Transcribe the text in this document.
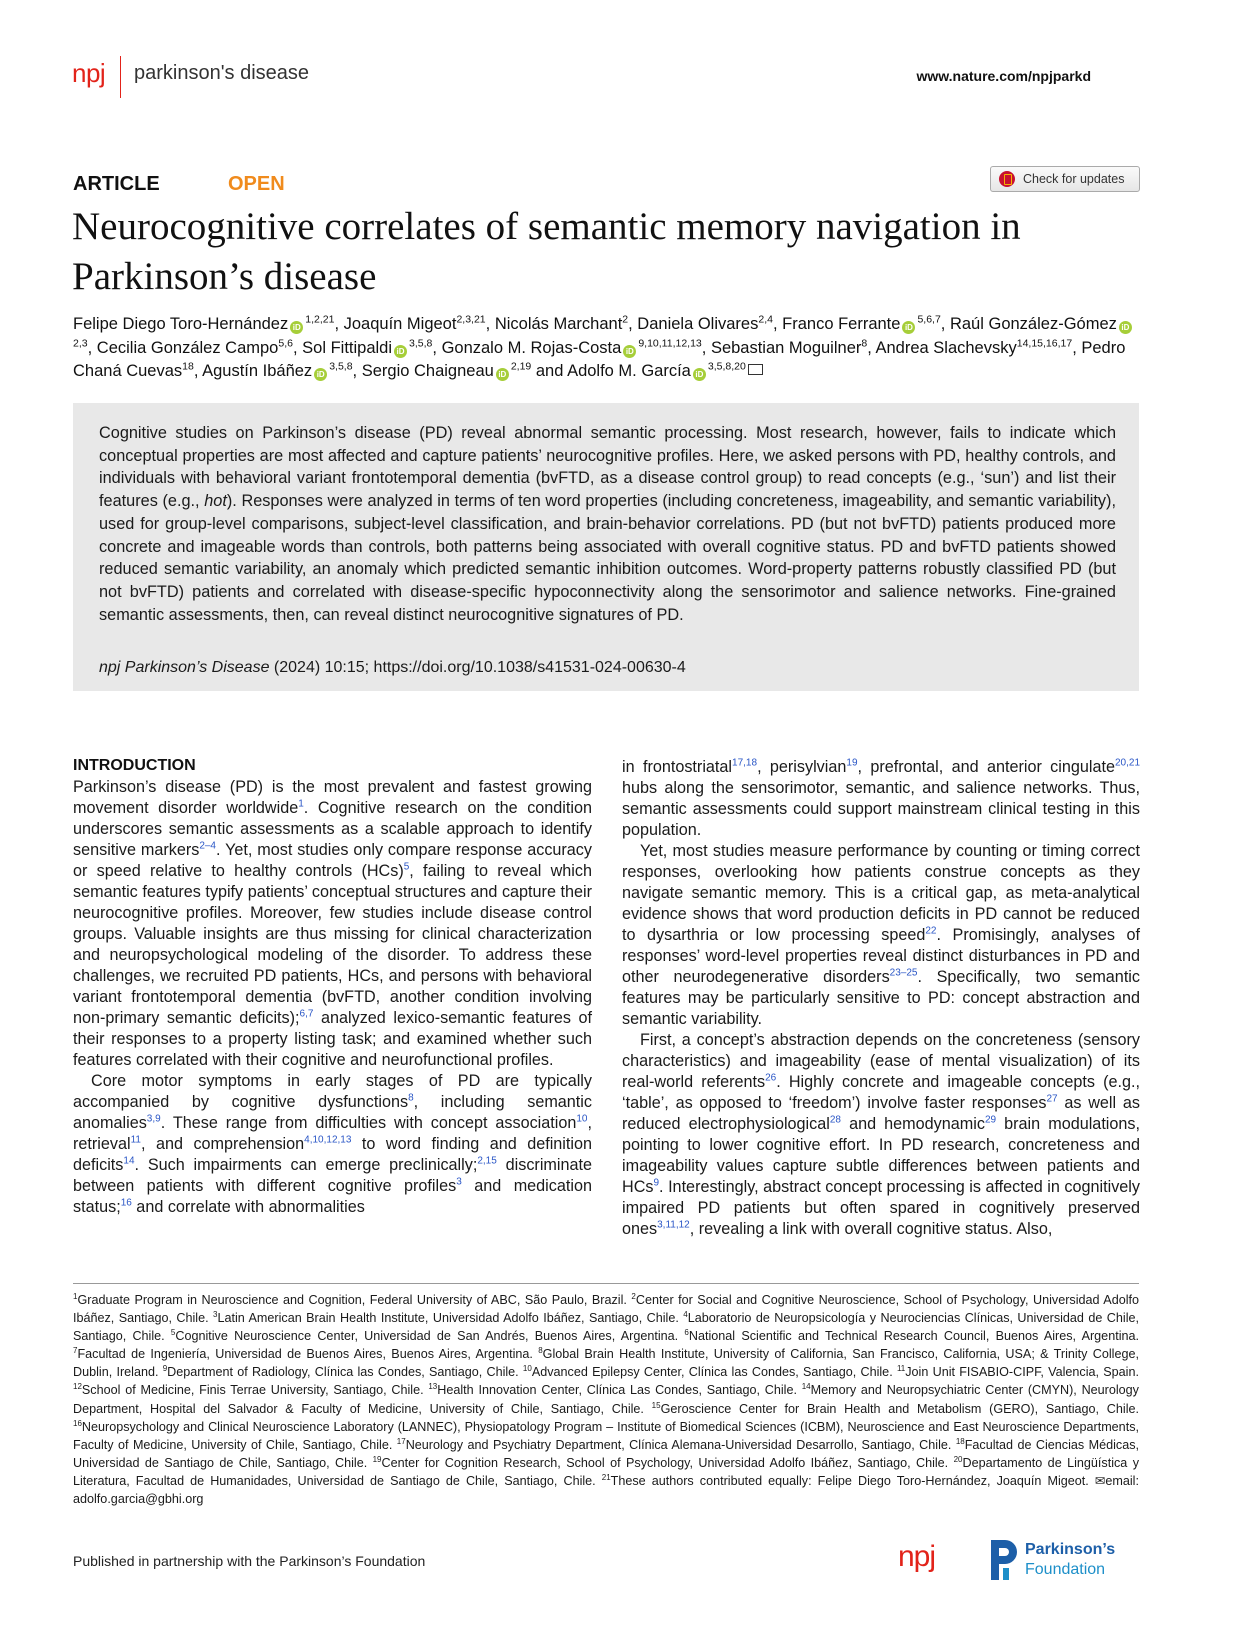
npj parkinson's disease	www.nature.com/npjparkd
ARTICLE	OPEN	Check for updates
Neurocognitive correlates of semantic memory navigation in Parkinson’s disease
Felipe Diego Toro-Hernández iD$^{1,2,21}$, Joaquín Migeot$^{2,3,21}$, Nicolás Marchant$^2$, Daniela Olivares$^{2,4}$, Franco Ferrante iD$^{5,6,7}$, Raúl González-Gómez iD$^{2,3}$, Cecilia González Campo$^{5,6}$, Sol Fittipaldi iD$^{3,5,8}$, Gonzalo M. Rojas-Costa iD$^{9,10,11,12,13}$, Sebastian Moguilner$^8$, Andrea Slachevsky$^{14,15,16,17}$, Pedro Chaná Cuevas$^{18}$, Agustín Ibáñez iD$^{3,5,8}$, Sergio Chaigneau iD$^{2,19}$ and Adolfo M. García iD$^{3,5,8,20}$

Cognitive studies on Parkinson’s disease (PD) reveal abnormal semantic processing. Most research, however, fails to indicate which conceptual properties are most affected and capture patients’ neurocognitive profiles. Here, we asked persons with PD, healthy controls, and individuals with behavioral variant frontotemporal dementia (bvFTD, as a disease control group) to read concepts (e.g., ‘sun’) and list their features (e.g., hot). Responses were analyzed in terms of ten word properties (including concreteness, imageability, and semantic variability), used for group-level comparisons, subject-level classification, and brain-behavior correlations. PD (but not bvFTD) patients produced more concrete and imageable words than controls, both patterns being associated with overall cognitive status. PD and bvFTD patients showed reduced semantic variability, an anomaly which predicted semantic inhibition outcomes. Word-property patterns robustly classified PD (but not bvFTD) patients and correlated with disease-specific hypoconnectivity along the sensorimotor and salience networks. Fine-grained semantic assessments, then, can reveal distinct neurocognitive signatures of PD.

npj Parkinson’s Disease (2024) 10:15; https://doi.org/10.1038/s41531-024-00630-4
INTRODUCTION

Parkinson’s disease (PD) is the most prevalent and fastest growing movement disorder worldwide$^1$. Cognitive research on the condition underscores semantic assessments as a scalable approach to identify sensitive markers$^{2-4}$. Yet, most studies only compare response accuracy or speed relative to healthy controls (HCs)$^5$, failing to reveal which semantic features typify patients’ conceptual structures and capture their neurocognitive profiles. Moreover, few studies include disease control groups. Valuable insights are thus missing for clinical characterization and neuropsychological modeling of the disorder. To address these challenges, we recruited PD patients, HCs, and persons with behavioral variant frontotemporal dementia (bvFTD, another condition involving non-primary semantic deficits);$^{6,7}$ analyzed lexico-semantic features of their responses to a property listing task; and examined whether such features correlated with their cognitive and neurofunctional profiles.

Core motor symptoms in early stages of PD are typically accompanied by cognitive dysfunctions$^8$, including semantic anomalies$^{3,9}$. These range from difficulties with concept association$^{10}$, retrieval$^{11}$, and comprehension$^{4,10,12,13}$ to word finding and definition deficits$^{14}$. Such impairments can emerge preclinically;$^{2,15}$ discriminate between patients with different cognitive profiles$^3$ and medication status;$^{16}$ and correlate with abnormalities

in frontostriatal$^{17,18}$, perisylvian$^{19}$, prefrontal, and anterior cingulate$^{20,21}$ hubs along the sensorimotor, semantic, and salience networks. Thus, semantic assessments could support mainstream clinical testing in this population.

Yet, most studies measure performance by counting or timing correct responses, overlooking how patients construe concepts as they navigate semantic memory. This is a critical gap, as meta-analytical evidence shows that word production deficits in PD cannot be reduced to dysarthria or low processing speed$^{22}$. Promisingly, analyses of responses’ word-level properties reveal distinct disturbances in PD and other neurodegenerative disorders$^{23-25}$. Specifically, two semantic features may be particularly sensitive to PD: concept abstraction and semantic variability.

First, a concept’s abstraction depends on the concreteness (sensory characteristics) and imageability (ease of mental visualization) of its real-world referents$^{26}$. Highly concrete and imageable concepts (e.g., ‘table’, as opposed to ‘freedom’) involve faster responses$^{27}$ as well as reduced electrophysiological$^{28}$ and hemodynamic$^{29}$ brain modulations, pointing to lower cognitive effort. In PD research, concreteness and imageability values capture subtle differences between patients and HCs$^9$. Interestingly, abstract concept processing is affected in cognitively impaired PD patients but often spared in cognitively preserved ones$^{3,11,12}$, revealing a link with overall cognitive status. Also,

$^1$Graduate Program in Neuroscience and Cognition, Federal University of ABC, São Paulo, Brazil. $^2$Center for Social and Cognitive Neuroscience, School of Psychology, Universidad Adolfo Ibáñez, Santiago, Chile. $^3$Latin American Brain Health Institute, Universidad Adolfo Ibáñez, Santiago, Chile. $^4$Laboratorio de Neuropsicología y Neurociencias Clínicas, Universidad de Chile, Santiago, Chile. $^5$Cognitive Neuroscience Center, Universidad de San Andrés, Buenos Aires, Argentina. $^6$National Scientific and Technical Research Council, Buenos Aires, Argentina. $^7$Facultad de Ingeniería, Universidad de Buenos Aires, Buenos Aires, Argentina. $^8$Global Brain Health Institute, University of California, San Francisco, California, USA; & Trinity College, Dublin, Ireland. $^9$Department of Radiology, Clínica las Condes, Santiago, Chile. $^{10}$Advanced Epilepsy Center, Clínica las Condes, Santiago, Chile. $^{11}$Join Unit FISABIO-CIPF, Valencia, Spain. $^{12}$School of Medicine, Finis Terrae University, Santiago, Chile. $^{13}$Health Innovation Center, Clínica Las Condes, Santiago, Chile. $^{14}$Memory and Neuropsychiatric Center (CMYN), Neurology Department, Hospital del Salvador & Faculty of Medicine, University of Chile, Santiago, Chile. $^{15}$Geroscience Center for Brain Health and Metabolism (GERO), Santiago, Chile. $^{16}$Neuropsychology and Clinical Neuroscience Laboratory (LANNEC), Physiopatology Program – Institute of Biomedical Sciences (ICBM), Neuroscience and East Neuroscience Departments, Faculty of Medicine, University of Chile, Santiago, Chile. $^{17}$Neurology and Psychiatry Department, Clínica Alemana-Universidad Desarrollo, Santiago, Chile. $^{18}$Facultad de Ciencias Médicas, Universidad de Santiago de Chile, Santiago, Chile. $^{19}$Center for Cognition Research, School of Psychology, Universidad Adolfo Ibáñez, Santiago, Chile. $^{20}$Departamento de Lingüística y Literatura, Facultad de Humanidades, Universidad de Santiago de Chile, Santiago, Chile. $^{21}$These authors contributed equally: Felipe Diego Toro-Hernández, Joaquín Migeot. ✉email: adolfo.garcia@gbhi.org

Published in partnership with the Parkinson’s Foundation	npj	Parkinson’s
Foundation
